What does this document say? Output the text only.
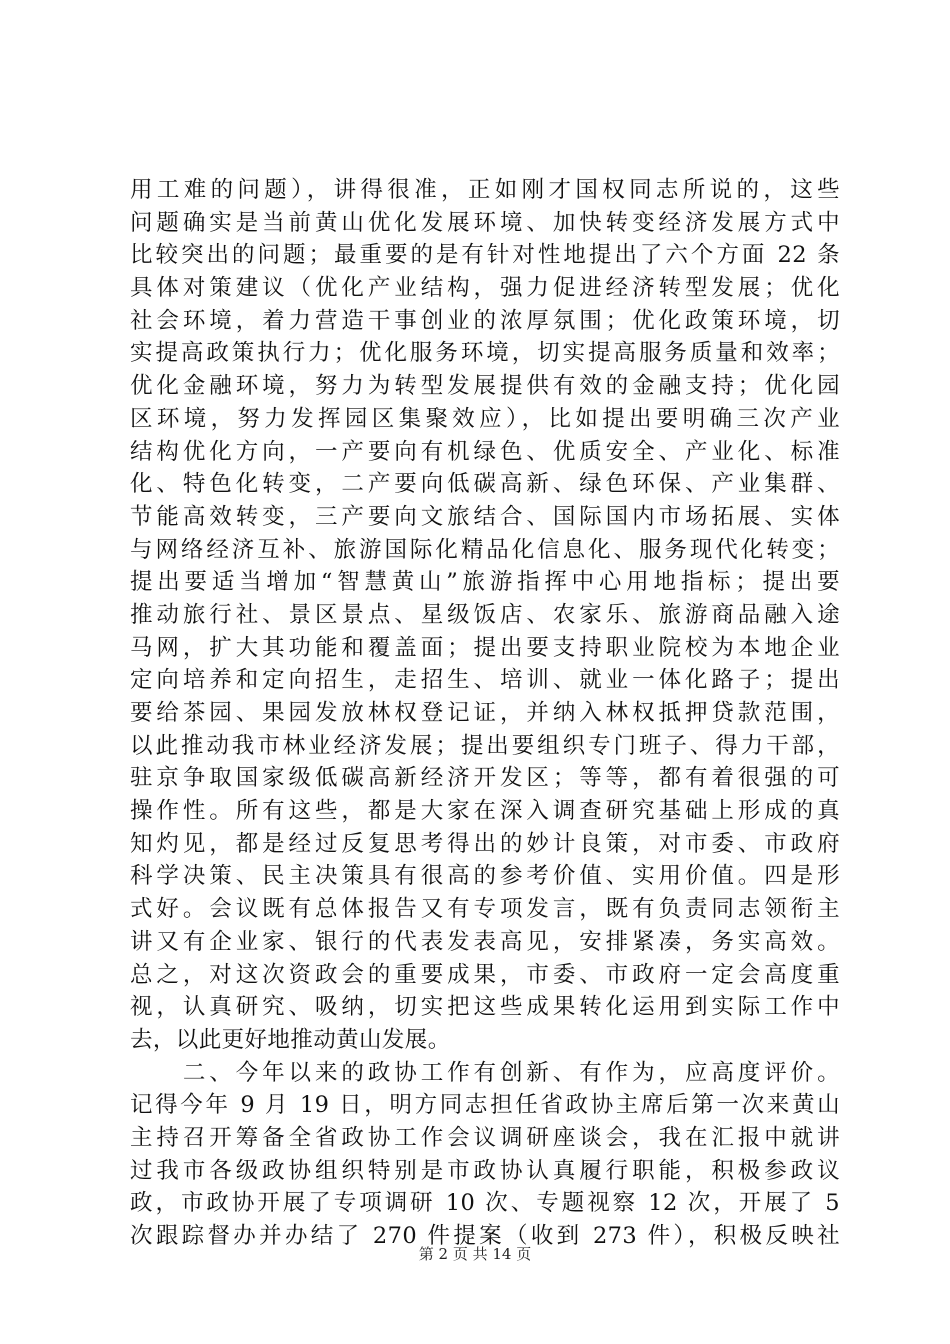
用工难的问题），讲得很准，正如刚才国权同志所说的，这些
问题确实是当前黄山优化发展环境、加快转变经济发展方式中
比较突出的问题；最重要的是有针对性地提出了六个方面 22 条
具体对策建议（优化产业结构，强力促进经济转型发展；优化
社会环境，着力营造干事创业的浓厚氛围；优化政策环境，切
实提高政策执行力；优化服务环境，切实提高服务质量和效率；
优化金融环境，努力为转型发展提供有效的金融支持；优化园
区环境，努力发挥园区集聚效应），比如提出要明确三次产业
结构优化方向，一产要向有机绿色、优质安全、产业化、标准
化、特色化转变，二产要向低碳高新、绿色环保、产业集群、
节能高效转变，三产要向文旅结合、国际国内市场拓展、实体
与网络经济互补、旅游国际化精品化信息化、服务现代化转变；
提出要适当增加“智慧黄山”旅游指挥中心用地指标；提出要
推动旅行社、景区景点、星级饭店、农家乐、旅游商品融入途
马网，扩大其功能和覆盖面；提出要支持职业院校为本地企业
定向培养和定向招生，走招生、培训、就业一体化路子；提出
要给茶园、果园发放林权登记证，并纳入林权抵押贷款范围，
以此推动我市林业经济发展；提出要组织专门班子、得力干部，
驻京争取国家级低碳高新经济开发区；等等，都有着很强的可
操作性。所有这些，都是大家在深入调查研究基础上形成的真
知灼见，都是经过反复思考得出的妙计良策，对市委、市政府
科学决策、民主决策具有很高的参考价值、实用价值。四是形
式好。会议既有总体报告又有专项发言，既有负责同志领衔主
讲又有企业家、银行的代表发表高见，安排紧凑，务实高效。
总之，对这次资政会的重要成果，市委、市政府一定会高度重
视，认真研究、吸纳，切实把这些成果转化运用到实际工作中
去，以此更好地推动黄山发展。
　　二、今年以来的政协工作有创新、有作为，应高度评价。
记得今年 9 月 19 日，明方同志担任省政协主席后第一次来黄山
主持召开筹备全省政协工作会议调研座谈会，我在汇报中就讲
过我市各级政协组织特别是市政协认真履行职能，积极参政议
政，市政协开展了专项调研 10 次、专题视察 12 次，开展了 5
次跟踪督办并办结了 270 件提案（收到 273 件），积极反映社
第 2 页 共 14 页
